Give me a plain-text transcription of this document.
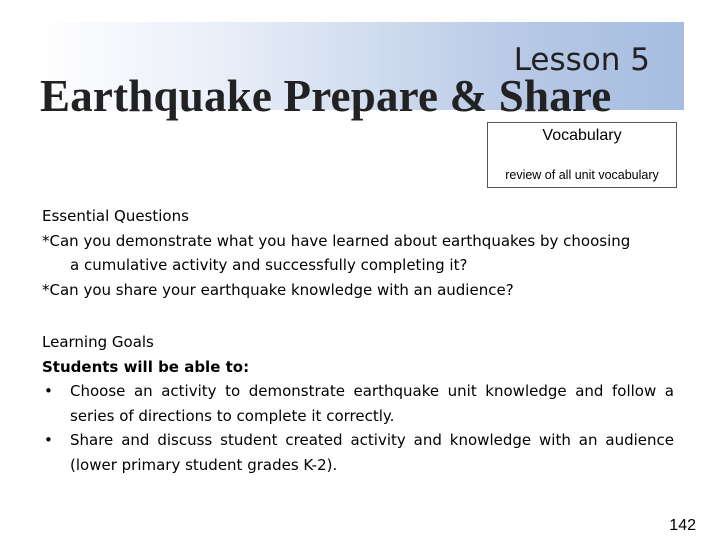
Lesson 5
Earthquake Prepare & Share
Vocabulary
review of all unit vocabulary
Essential Questions
*Can you demonstrate what you have learned about earthquakes by choosing
a cumulative activity and successfully completing it?
*Can you share your earthquake knowledge with an audience?
Learning Goals
Students will be able to:
• Choose an activity to demonstrate earthquake unit knowledge and follow a series of directions to complete it correctly.
• Share and discuss student created activity and knowledge with an audience (lower primary student grades K-2).
142
